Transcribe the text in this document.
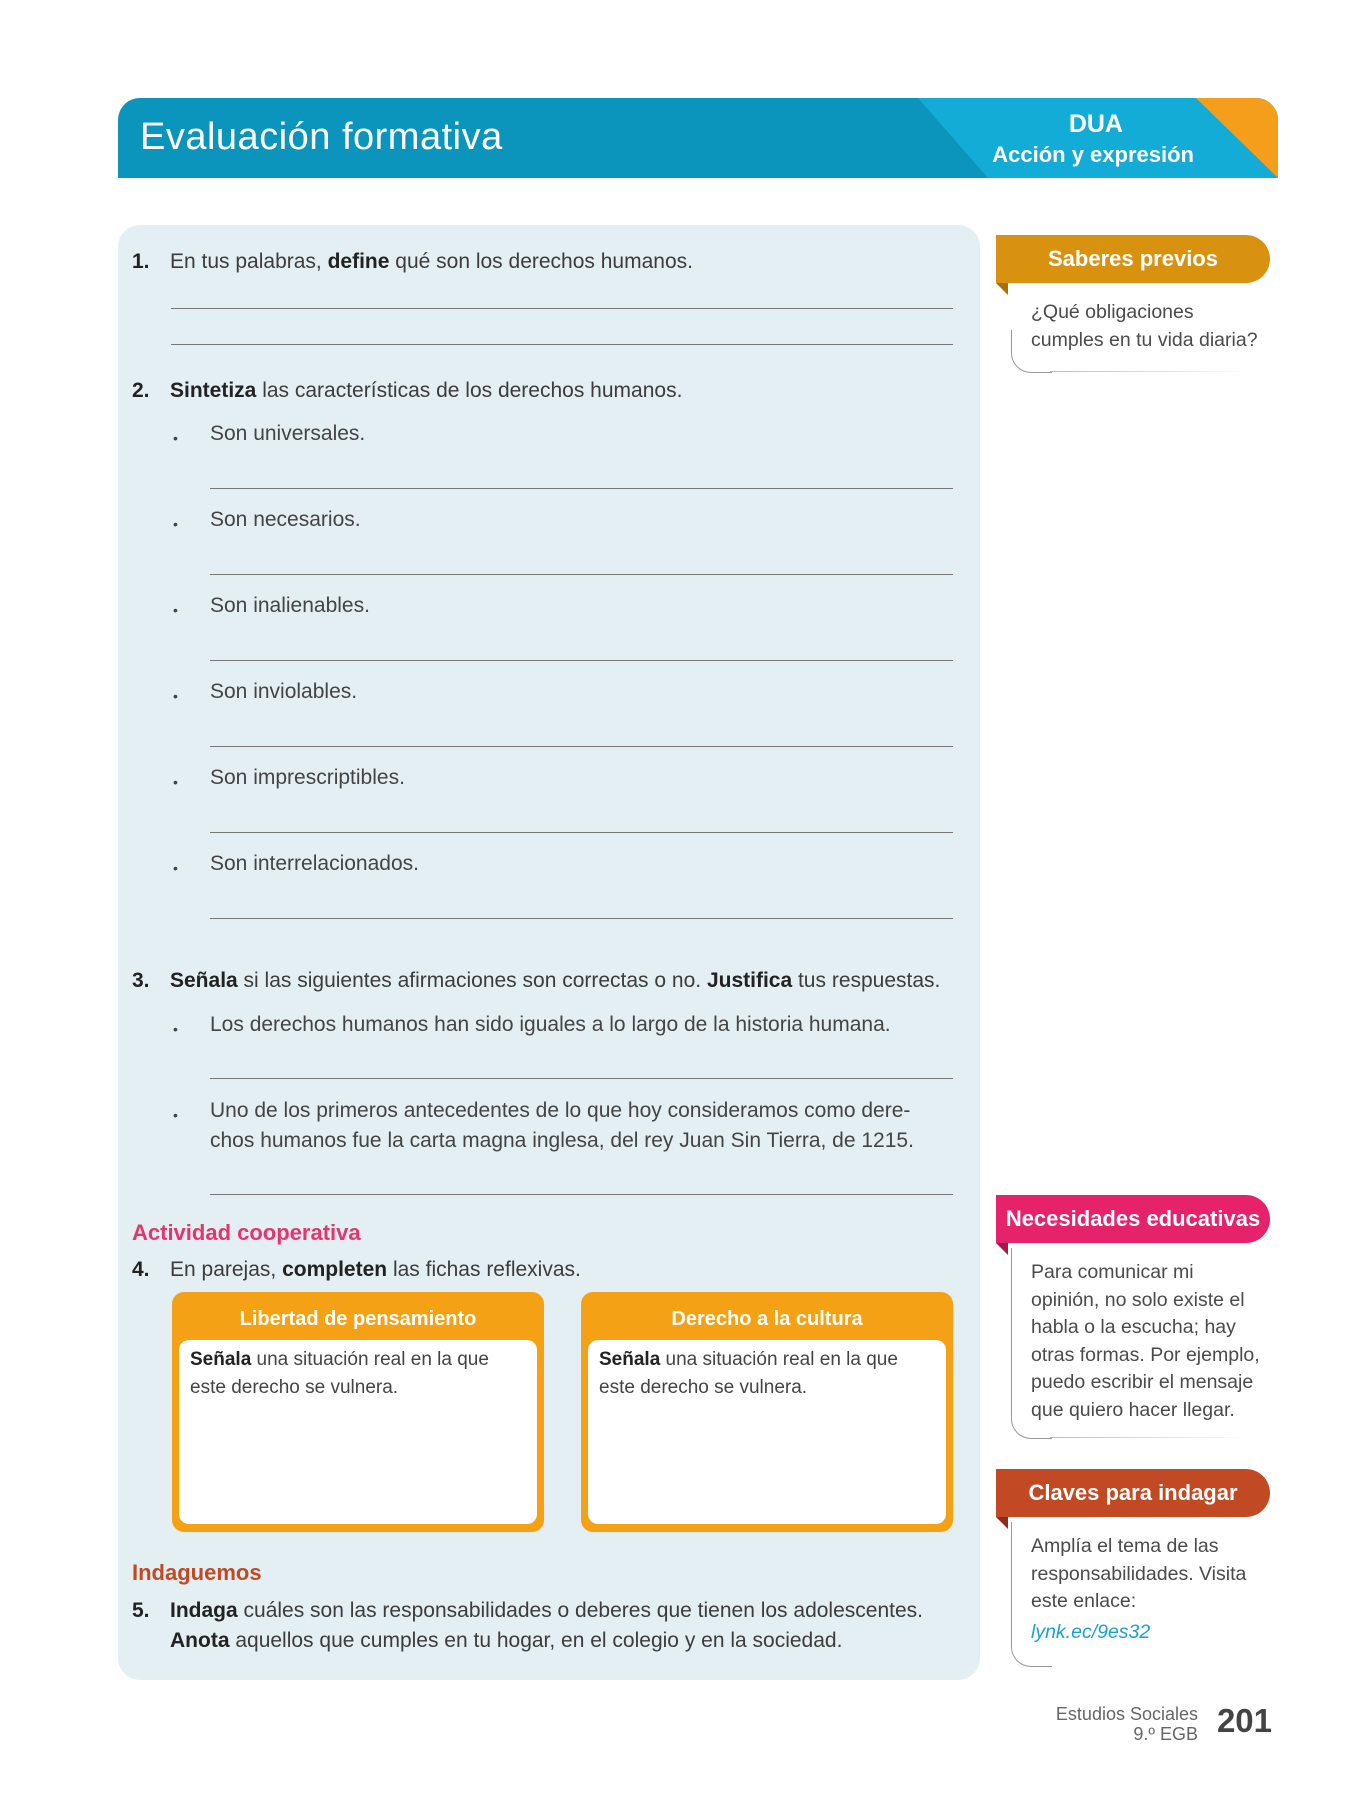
Evaluación formativa	DUA
Acción y expresión
1. En tus palabras, define qué son los derechos humanos.
2. Sintetiza las características de los derechos humanos.
• Son universales.
• Son necesarios.
• Son inalienables.
• Son inviolables.
• Son imprescriptibles.
• Son interrelacionados.
3. Señala si las siguientes afirmaciones son correctas o no. Justifica tus respuestas.
• Los derechos humanos han sido iguales a lo largo de la historia humana.
• Uno de los primeros antecedentes de lo que hoy consideramos como dere-
chos humanos fue la carta magna inglesa, del rey Juan Sin Tierra, de 1215.
Actividad cooperativa
4. En parejas, completen las fichas reflexivas.
Libertad de pensamiento
Señala una situación real en la que
este derecho se vulnera.
Derecho a la cultura
Señala una situación real en la que
este derecho se vulnera.
Indaguemos
5. Indaga cuáles son las responsabilidades o deberes que tienen los adolescentes.
Anota aquellos que cumples en tu hogar, en el colegio y en la sociedad.
Saberes previos
¿Qué obligaciones
cumples en tu vida diaria?
Necesidades educativas
Para comunicar mi
opinión, no solo existe el
habla o la escucha; hay
otras formas. Por ejemplo,
puedo escribir el mensaje
que quiero hacer llegar.
Claves para indagar
Amplía el tema de las
responsabilidades. Visita
este enlace:
lynk.ec/9es32
Estudios Sociales
9.º EGB 201
